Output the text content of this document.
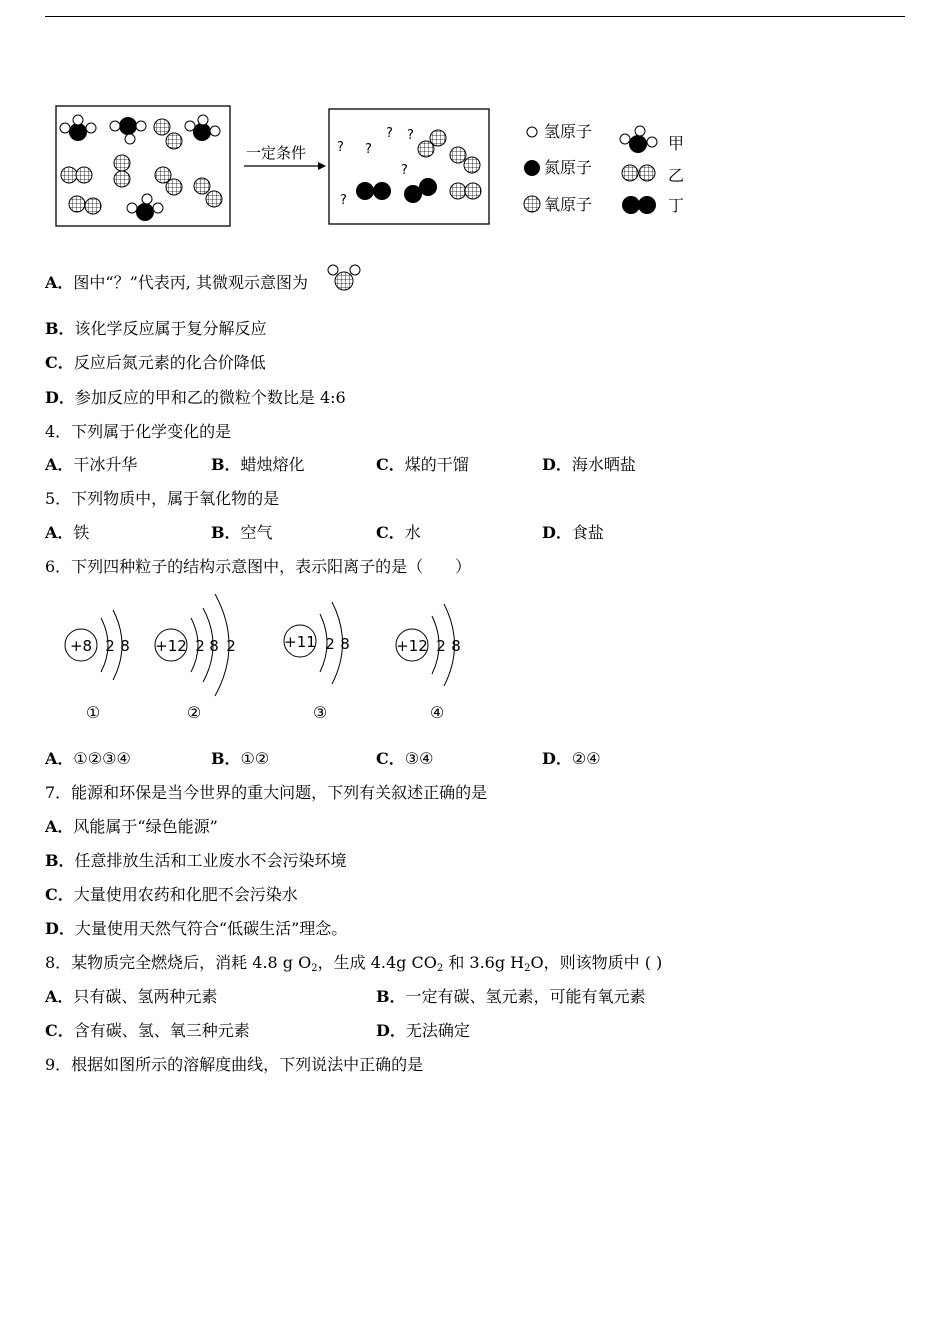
一定条件 ? ?
? ?
?
?
氢原子
氮原子
氧原子
甲
乙
丁
A．图中“？”代表丙, 其微观示意图为
B．该化学反应属于复分解反应
C．反应后氮元素的化合价降低
D．参加反应的甲和乙的微粒个数比是 4:6
4．下列属于化学变化的是
A．干冰升华	B．蜡烛熔化	C．煤的干馏	D．海水晒盐
5．下列物质中，属于氧化物的是
A．铁	B．空气	C．水	D．食盐
6．下列四种粒子的结构示意图中，表示阳离子的是（　　）
+8 2 8
①
+12 2 8 2
②
+11 2 8
③
+12 2 8
④
A．①②③④	B．①②	C．③④	D．②④
7．能源和环保是当今世界的重大问题，下列有关叙述正确的是
A．风能属于“绿色能源”
B．任意排放生活和工业废水不会污染环境
C．大量使用农药和化肥不会污染水
D．大量使用天然气符合“低碳生活”理念。
8．某物质完全燃烧后，消耗 4.8 g $O_2$，生成 4.4g $CO_2$ 和 3.6g $H_2O$，则该物质中 ( )
A．只有碳、氢两种元素	B．一定有碳、氢元素，可能有氧元素
C．含有碳、氢、氧三种元素	D．无法确定
9．根据如图所示的溶解度曲线，下列说法中正确的是
